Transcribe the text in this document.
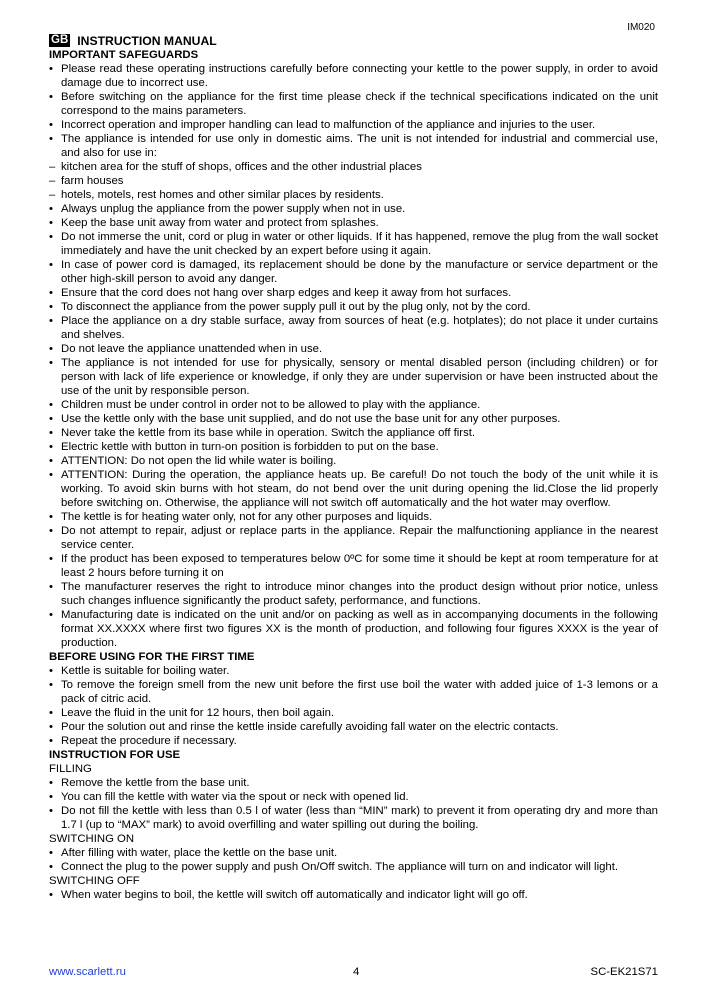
IM020
GB INSTRUCTION MANUAL
IMPORTANT SAFEGUARDS
• Please read these operating instructions carefully before connecting your kettle to the power supply, in order to avoid damage due to incorrect use.
• Before switching on the appliance for the first time please check if the technical specifications indicated on the unit correspond to the mains parameters.
• Incorrect operation and improper handling can lead to malfunction of the appliance and injuries to the user.
• The appliance is intended for use only in domestic aims. The unit is not intended for industrial and commercial use, and also for use in:
– kitchen area for the stuff of shops, offices and the other industrial places
– farm houses
– hotels, motels, rest homes and other similar places by residents.
• Always unplug the appliance from the power supply when not in use.
• Keep the base unit away from water and protect from splashes.
• Do not immerse the unit, cord or plug in water or other liquids. If it has happened, remove the plug from the wall socket immediately and have the unit checked by an expert before using it again.
• In case of power cord is damaged, its replacement should be done by the manufacture or service department or the other high-skill person to avoid any danger.
• Ensure that the cord does not hang over sharp edges and keep it away from hot surfaces.
• To disconnect the appliance from the power supply pull it out by the plug only, not by the cord.
• Place the appliance on a dry stable surface, away from sources of heat (e.g. hotplates); do not place it under curtains and shelves.
• Do not leave the appliance unattended when in use.
• The appliance is not intended for use for physically, sensory or mental disabled person (including children) or for person with lack of life experience or knowledge, if only they are under supervision or have been instructed about the use of the unit by responsible person.
• Children must be under control in order not to be allowed to play with the appliance.
• Use the kettle only with the base unit supplied, and do not use the base unit for any other purposes.
• Never take the kettle from its base while in operation. Switch the appliance off first.
• Electric kettle with button in turn-on position is forbidden to put on the base.
• ATTENTION: Do not open the lid while water is boiling.
• ATTENTION: During the operation, the appliance heats up. Be careful! Do not touch the body of the unit while it is working. To avoid skin burns with hot steam, do not bend over the unit during opening the lid.Close the lid properly before switching on. Otherwise, the appliance will not switch off automatically and the hot water may overflow.
• The kettle is for heating water only, not for any other purposes and liquids.
• Do not attempt to repair, adjust or replace parts in the appliance. Repair the malfunctioning appliance in the nearest service center.
• If the product has been exposed to temperatures below 0ºC for some time it should be kept at room temperature for at least 2 hours before turning it on
• The manufacturer reserves the right to introduce minor changes into the product design without prior notice, unless such changes influence significantly the product safety, performance, and functions.
• Manufacturing date is indicated on the unit and/or on packing as well as in accompanying documents in the following format XX.XXXX where first two figures XX is the month of production, and following four figures XXXX is the year of production.
BEFORE USING FOR THE FIRST TIME
• Kettle is suitable for boiling water.
• To remove the foreign smell from the new unit before the first use boil the water with added juice of 1-3 lemons or a pack of citric acid.
• Leave the fluid in the unit for 12 hours, then boil again.
• Pour the solution out and rinse the kettle inside carefully avoiding fall water on the electric contacts.
• Repeat the procedure if necessary.
INSTRUCTION FOR USE
FILLING
• Remove the kettle from the base unit.
• You can fill the kettle with water via the spout or neck with opened lid.
• Do not fill the kettle with less than 0.5 l of water (less than “MIN” mark) to prevent it from operating dry and more than 1.7 l (up to “MAX” mark) to avoid overfilling and water spilling out during the boiling.
SWITCHING ON
• After filling with water, place the kettle on the base unit.
• Connect the plug to the power supply and push On/Off switch. The appliance will turn on and indicator will light.
SWITCHING OFF
• When water begins to boil, the kettle will switch off automatically and indicator light will go off.
www.scarlett.ru	4	SC-EK21S71
